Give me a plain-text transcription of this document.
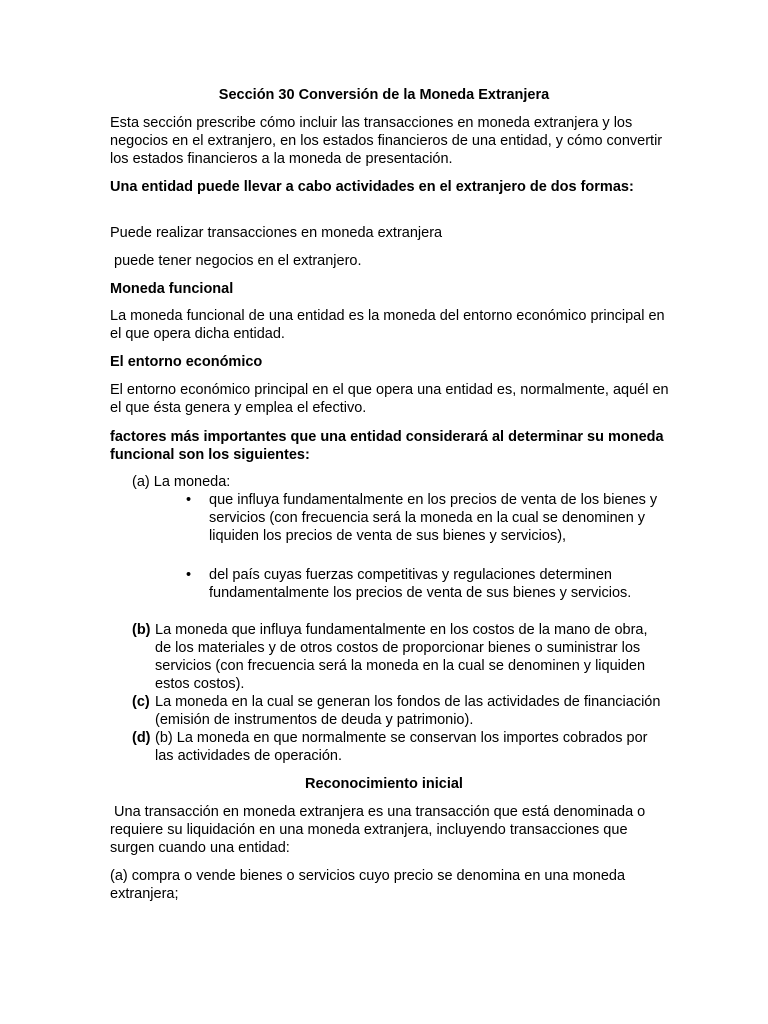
Sección 30 Conversión de la Moneda Extranjera

Esta sección prescribe cómo incluir las transacciones en moneda extranjera y los negocios en el extranjero, en los estados financieros de una entidad, y cómo convertir los estados financieros a la moneda de presentación.

Una entidad puede llevar a cabo actividades en el extranjero de dos formas:

Puede realizar transacciones en moneda extranjera

puede tener negocios en el extranjero.

Moneda funcional

La moneda funcional de una entidad es la moneda del entorno económico principal en el que opera dicha entidad.

El entorno económico

El entorno económico principal en el que opera una entidad es, normalmente, aquél en el que ésta genera y emplea el efectivo.

factores más importantes que una entidad considerará al determinar su moneda funcional son los siguientes:

(a) La moneda:

•	que influya fundamentalmente en los precios de venta de los bienes y servicios (con frecuencia será la moneda en la cual se denominen y liquiden los precios de venta de sus bienes y servicios),

•	del país cuyas fuerzas competitivas y regulaciones determinen fundamentalmente los precios de venta de sus bienes y servicios.

(b) La moneda que influya fundamentalmente en los costos de la mano de obra, de los materiales y de otros costos de proporcionar bienes o suministrar los servicios (con frecuencia será la moneda en la cual se denominen y liquiden estos costos).

(c) La moneda en la cual se generan los fondos de las actividades de financiación (emisión de instrumentos de deuda y patrimonio).

(d) (b) La moneda en que normalmente se conservan los importes cobrados por las actividades de operación.

Reconocimiento inicial

Una transacción en moneda extranjera es una transacción que está denominada o requiere su liquidación en una moneda extranjera, incluyendo transacciones que surgen cuando una entidad:

(a) compra o vende bienes o servicios cuyo precio se denomina en una moneda extranjera;
